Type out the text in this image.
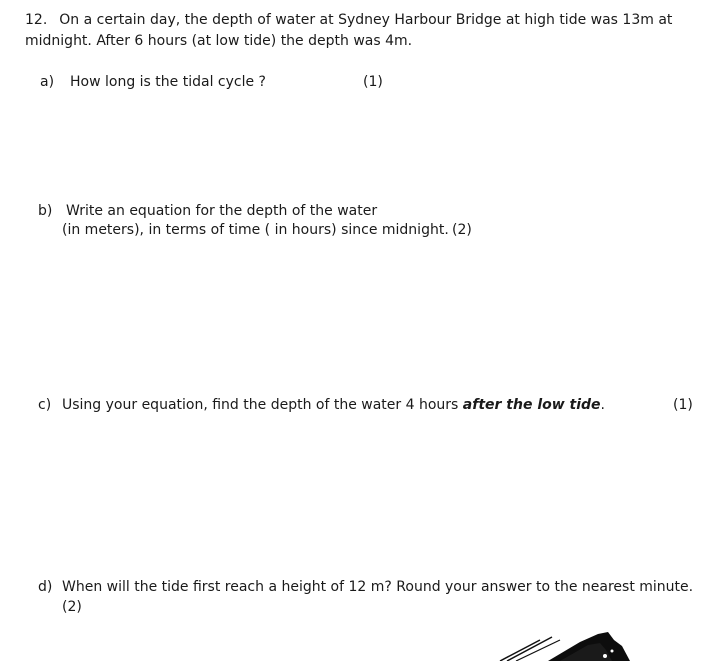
12. On a certain day, the depth of water at Sydney Harbour Bridge at high tide was 13m at
midnight. After 6 hours (at low tide) the depth was 4m.
a) How long is the tidal cycle ?	(1)
b) Write an equation for the depth of the water
(in meters), in terms of time ( in hours) since midnight. (2)
c) Using your equation, find the depth of the water 4 hours after the low tide.	(1)
d) When will the tide first reach a height of 12 m? Round your answer to the nearest minute.
(2)
